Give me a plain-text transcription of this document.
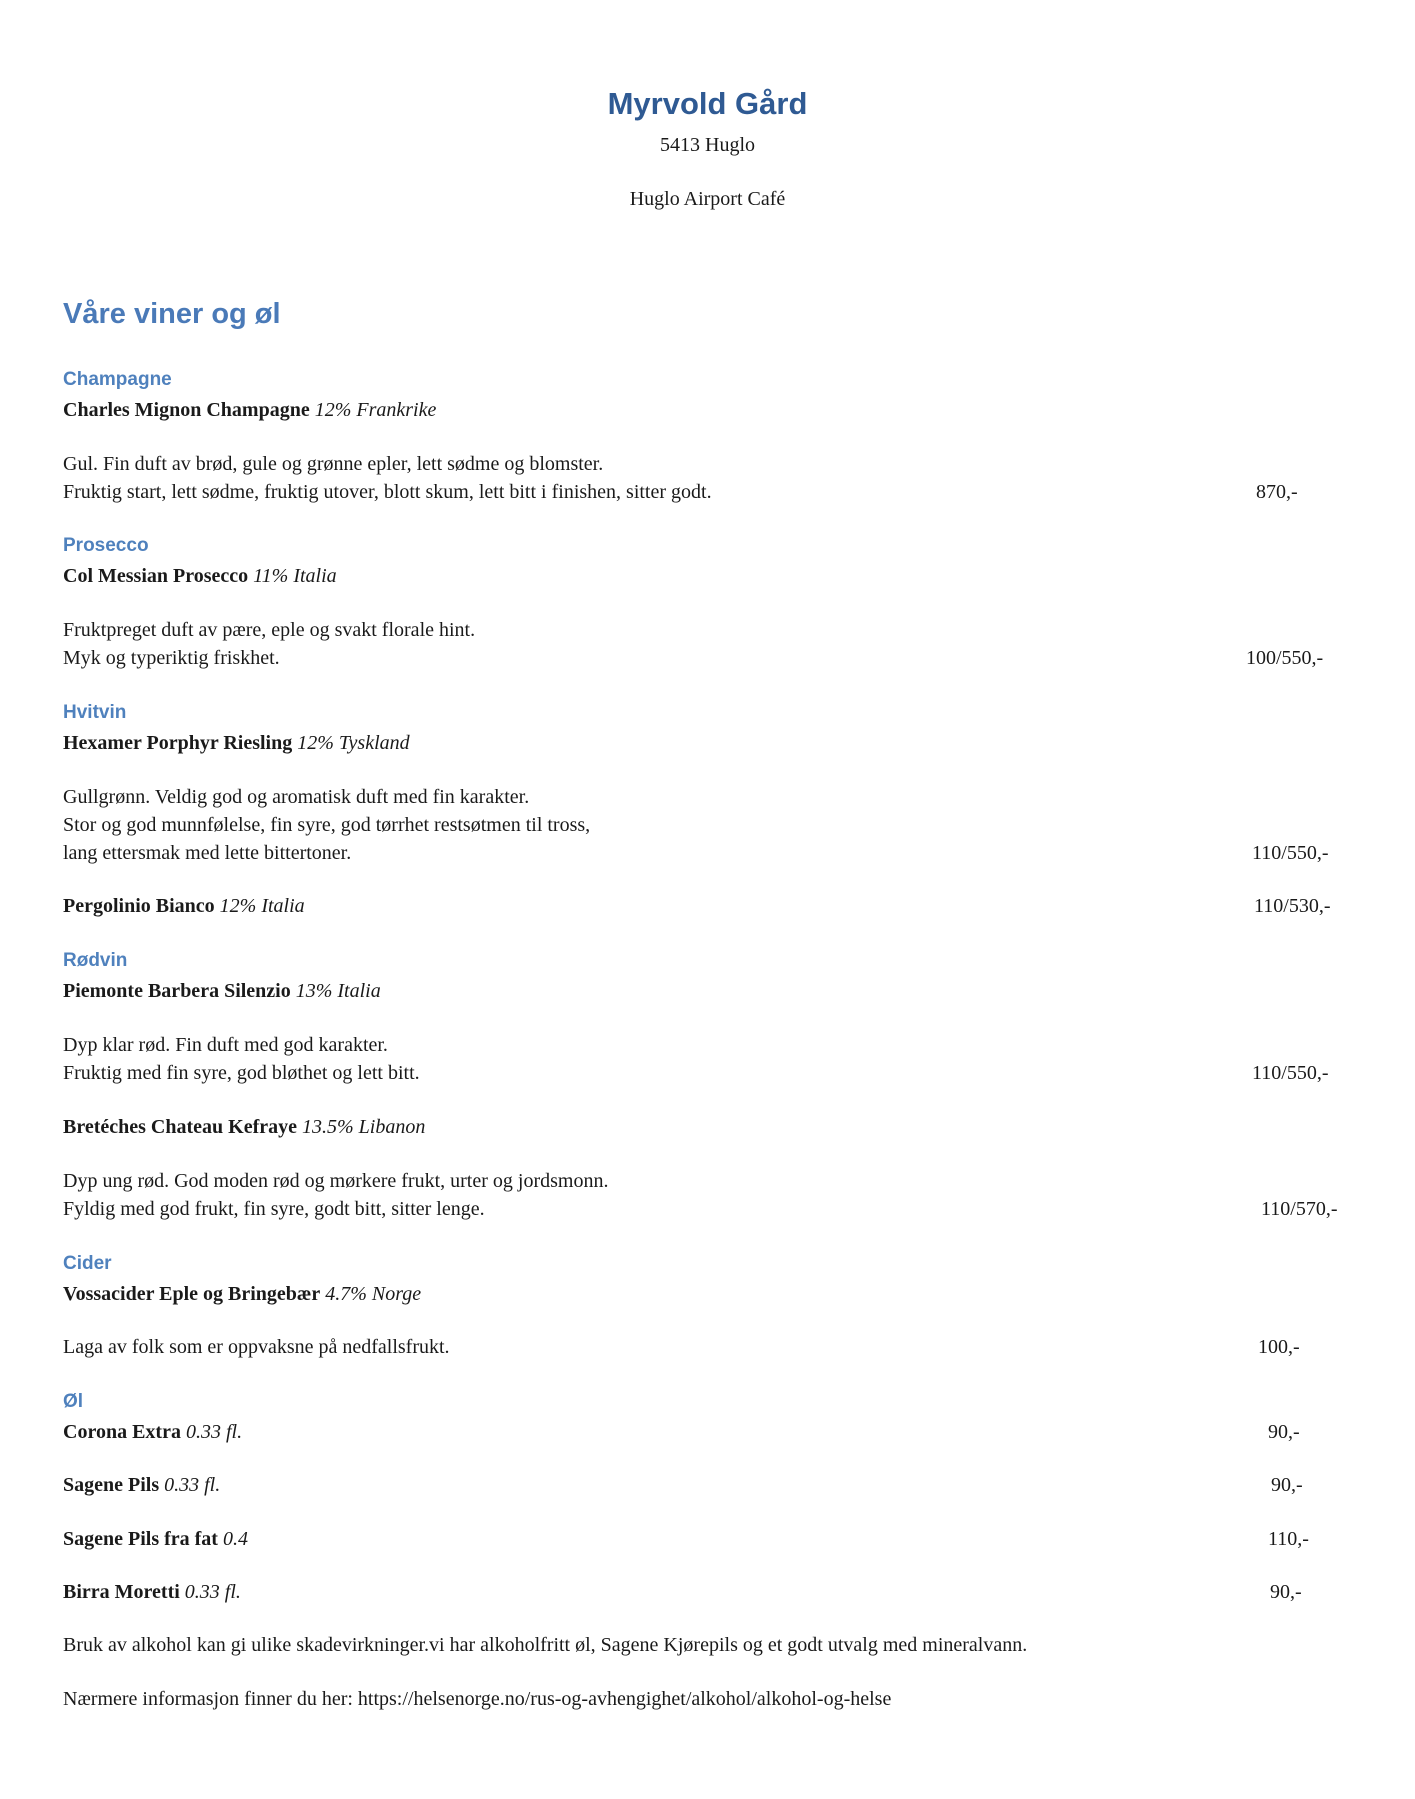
Myrvold Gård
5413 Huglo
Huglo Airport Café
Våre viner og øl
Champagne
Charles Mignon Champagne 12% Frankrike
Gul. Fin duft av brød, gule og grønne epler, lett sødme og blomster.
Fruktig start, lett sødme, fruktig utover, blott skum, lett bitt i finishen, sitter godt.	870,-
Prosecco
Col Messian Prosecco 11% Italia
Fruktpreget duft av pære, eple og svakt florale hint.
Myk og typeriktig friskhet.	100/550,-
Hvitvin
Hexamer Porphyr Riesling 12% Tyskland
Gullgrønn. Veldig god og aromatisk duft med fin karakter.
Stor og god munnfølelse, fin syre, god tørrhet restsøtmen til tross,
lang ettersmak med lette bittertoner.	110/550,-
Pergolinio Bianco 12% Italia	110/530,-
Rødvin
Piemonte Barbera Silenzio 13% Italia
Dyp klar rød. Fin duft med god karakter.
Fruktig med fin syre, god bløthet og lett bitt.	110/550,-
Bretéches Chateau Kefraye 13.5% Libanon
Dyp ung rød. God moden rød og mørkere frukt, urter og jordsmonn.
Fyldig med god frukt, fin syre, godt bitt, sitter lenge.	110/570,-
Cider
Vossacider Eple og Bringebær 4.7% Norge
Laga av folk som er oppvaksne på nedfallsfrukt.	100,-
Øl
Corona Extra 0.33 fl.	90,-
Sagene Pils 0.33 fl.	90,-
Sagene Pils fra fat 0.4	110,-
Birra Moretti 0.33 fl.	90,-
Bruk av alkohol kan gi ulike skadevirkninger.vi har alkoholfritt øl, Sagene Kjørepils og et godt utvalg med mineralvann.
Nærmere informasjon finner du her: https://helsenorge.no/rus-og-avhengighet/alkohol/alkohol-og-helse
